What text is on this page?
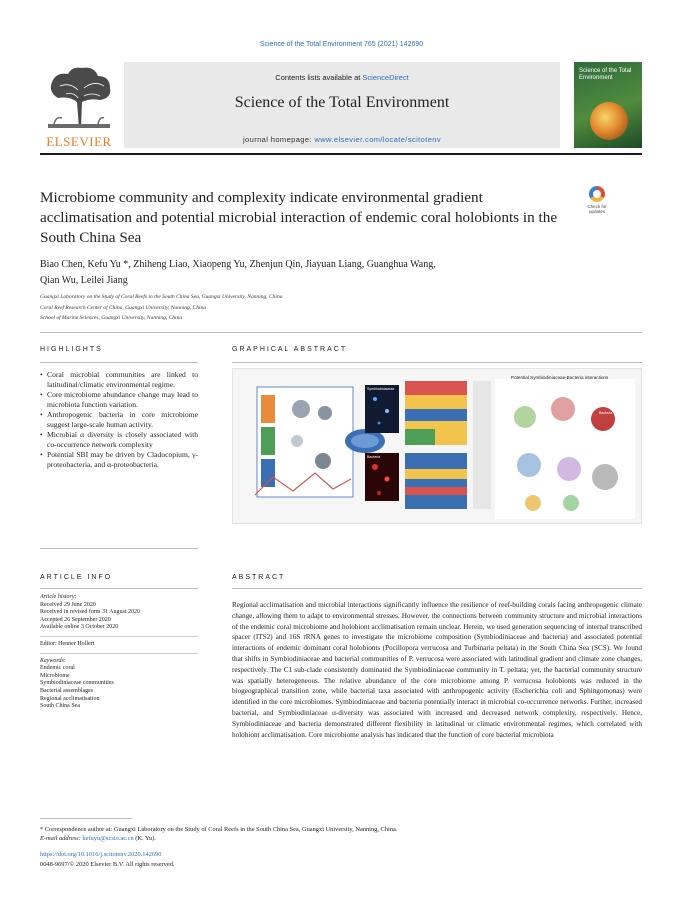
Science of the Total Environment 765 (2021) 142690
ELSEVIER
Contents lists available at ScienceDirect
Science of the Total Environment
journal homepage: www.elsevier.com/locate/scitotenv
Science of the Total Environment
Microbiome community and complexity indicate environmental gradient acclimatisation and potential microbial interaction of endemic coral holobionts in the South China Sea
Check for updates
Biao Chen, Kefu Yu *, Zhiheng Liao, Xiaopeng Yu, Zhenjun Qin, Jiayuan Liang, Guanghua Wang,
Qian Wu, Leilei Jiang
Guangxi Laboratory on the Study of Coral Reefs in the South China Sea, Guangxi University, Nanning, China
Coral Reef Research Center of China, Guangxi University, Nanning, China
School of Marine Sciences, Guangxi University, Nanning, China
HIGHLIGHTS
• Coral microbial communities are linked to latitudinal/climatic environmental regime.
• Core microbiome abundance change may lead to microbiota function variation.
• Anthropogenic bacteria in core microbiome suggest large-scale human activity.
• Microbial α diversity is closely associated with co-occurrence network complexity
• Potential SBI may be driven by Cladocopium, γ-proteobacteria, and α-proteobacteria.
GRAPHICAL ABSTRACT
Potential Symbiodiniaceae-Bacteria interactions
Symbiodiniaceae
Bacteria
Symbiodiniaceae
Bacteria
ARTICLE INFO
Article history:
Received 29 June 2020
Received in revised form 31 August 2020
Accepted 26 September 2020
Available online 3 October 2020
Editor: Henner Hollert
Keywords:
Endemic coral
Microbiome
Symbiodiniaceae communities
Bacterial assemblages
Regional acclimatisation
South China Sea
ABSTRACT
Regional acclimatisation and microbial interactions significantly influence the resilience of reef-building corals facing anthropogenic climate change, allowing them to adapt to environmental stresses. However, the connections between community structure and microbial interactions of the endemic coral microbiome and holobiont acclimatisation remain unclear. Herein, we used generation sequencing of internal transcribed spacer (ITS2) and 16S rRNA genes to investigate the microbiome composition (Symbiodiniaceae and bacteria) and associated potential interactions of endemic dominant coral holobionts (Pocillopora verrucosa and Turbinaria peltata) in the South China Sea (SCS). We found that shifts in Symbiodiniaceae and bacterial communities of P. verrucosa were associated with latitudinal gradient and climate zone changes, respectively. The C1 sub-clade consistently dominated the Symbiodiniaceae community in T. peltata; yet, the bacterial community structure was spatially heterogeneous. The relative abundance of the core microbiome among P. verrucosa holobionts was reduced in the biogeographical transition zone, while bacterial taxa associated with anthropogenic activity (Escherichia coli and Sphingomonas) were identified in the core microbiomes. Symbiodiniaceae and bacteria potentially interact in microbial co-occurrence networks. Further, increased bacterial, and Symbiodiniaceae α-diversity was associated with increased and decreased network complexity, respectively. Hence, Symbiodiniaceae and bacteria demonstrated different flexibility in latitudinal or climatic environmental regimes, which correlated with holobiont acclimatisation. Core microbiome analysis has indicated that the function of core bacterial microbiota
* Correspondence author at: Guangxi Laboratory on the Study of Coral Reefs in the South China Sea, Guangxi University, Nanning, China.
E-mail address: kefuyu@scsio.ac.cn (K. Yu).
https://doi.org/10.1016/j.scitotenv.2020.142690
0048-9697/© 2020 Elsevier B.V. All rights reserved.
